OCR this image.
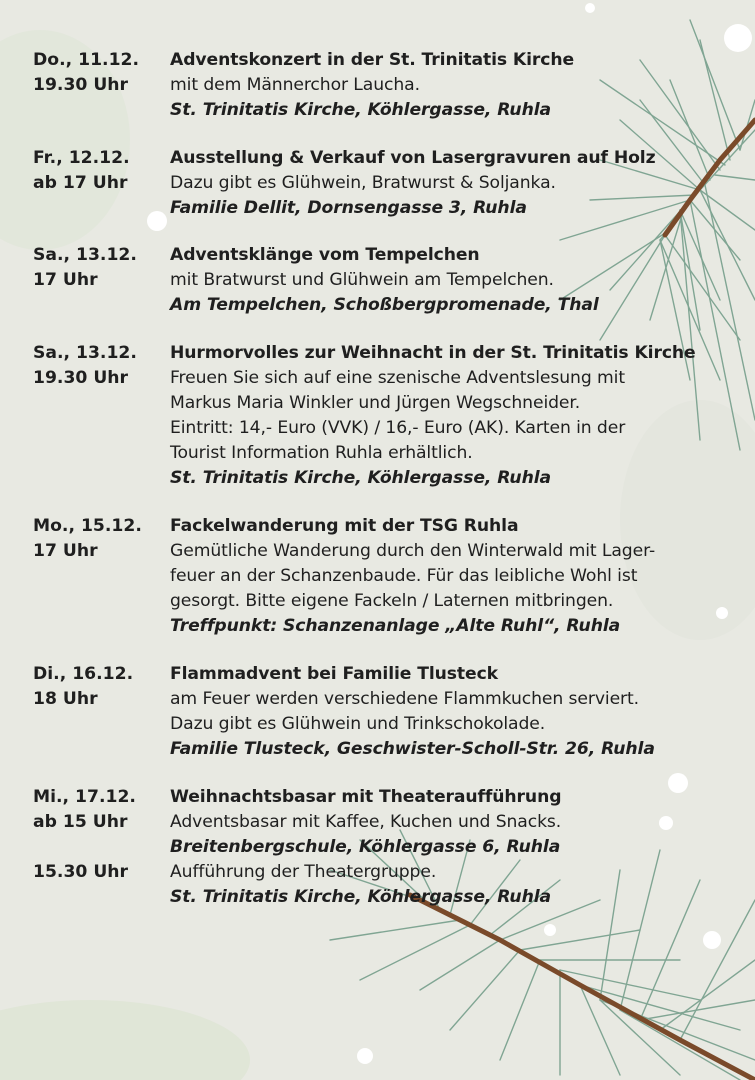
Do., 11.12.
19.30 Uhr
Adventskonzert in der St. Trinitatis Kirche
mit dem Männerchor Laucha.
St. Trinitatis Kirche, Köhlergasse, Ruhla
Fr., 12.12.
ab 17 Uhr
Ausstellung & Verkauf von Lasergravuren auf Holz
Dazu gibt es Glühwein, Bratwurst & Soljanka.
Familie Dellit, Dornsengasse 3, Ruhla
Sa., 13.12.
17 Uhr
Adventsklänge vom Tempelchen
mit Bratwurst und Glühwein am Tempelchen.
Am Tempelchen, Schoßbergpromenade, Thal
Sa., 13.12.
19.30 Uhr
Hurmorvolles zur Weihnacht in der St. Trinitatis Kirche
Freuen Sie sich auf eine szenische Adventslesung mit
Markus Maria Winkler und Jürgen Wegschneider.
Eintritt: 14,- Euro (VVK) / 16,- Euro (AK). Karten in der
Tourist Information Ruhla erhältlich.
St. Trinitatis Kirche, Köhlergasse, Ruhla
Mo., 15.12.
17 Uhr
Fackelwanderung mit der TSG Ruhla
Gemütliche Wanderung durch den Winterwald mit Lager-
feuer an der Schanzenbaude. Für das leibliche Wohl ist
gesorgt. Bitte eigene Fackeln / Laternen mitbringen.
Treffpunkt: Schanzenanlage „Alte Ruhl“, Ruhla
Di., 16.12.
18 Uhr
Flammadvent bei Familie Tlusteck
am Feuer werden verschiedene Flammkuchen serviert.
Dazu gibt es Glühwein und Trinkschokolade.
Familie Tlusteck, Geschwister-Scholl-Str. 26, Ruhla
Mi., 17.12.
ab 15 Uhr
15.30 Uhr
Weihnachtsbasar mit Theateraufführung
Adventsbasar mit Kaffee, Kuchen und Snacks.
Breitenbergschule, Köhlergasse 6, Ruhla
Aufführung der Theatergruppe.
St. Trinitatis Kirche, Köhlergasse, Ruhla
